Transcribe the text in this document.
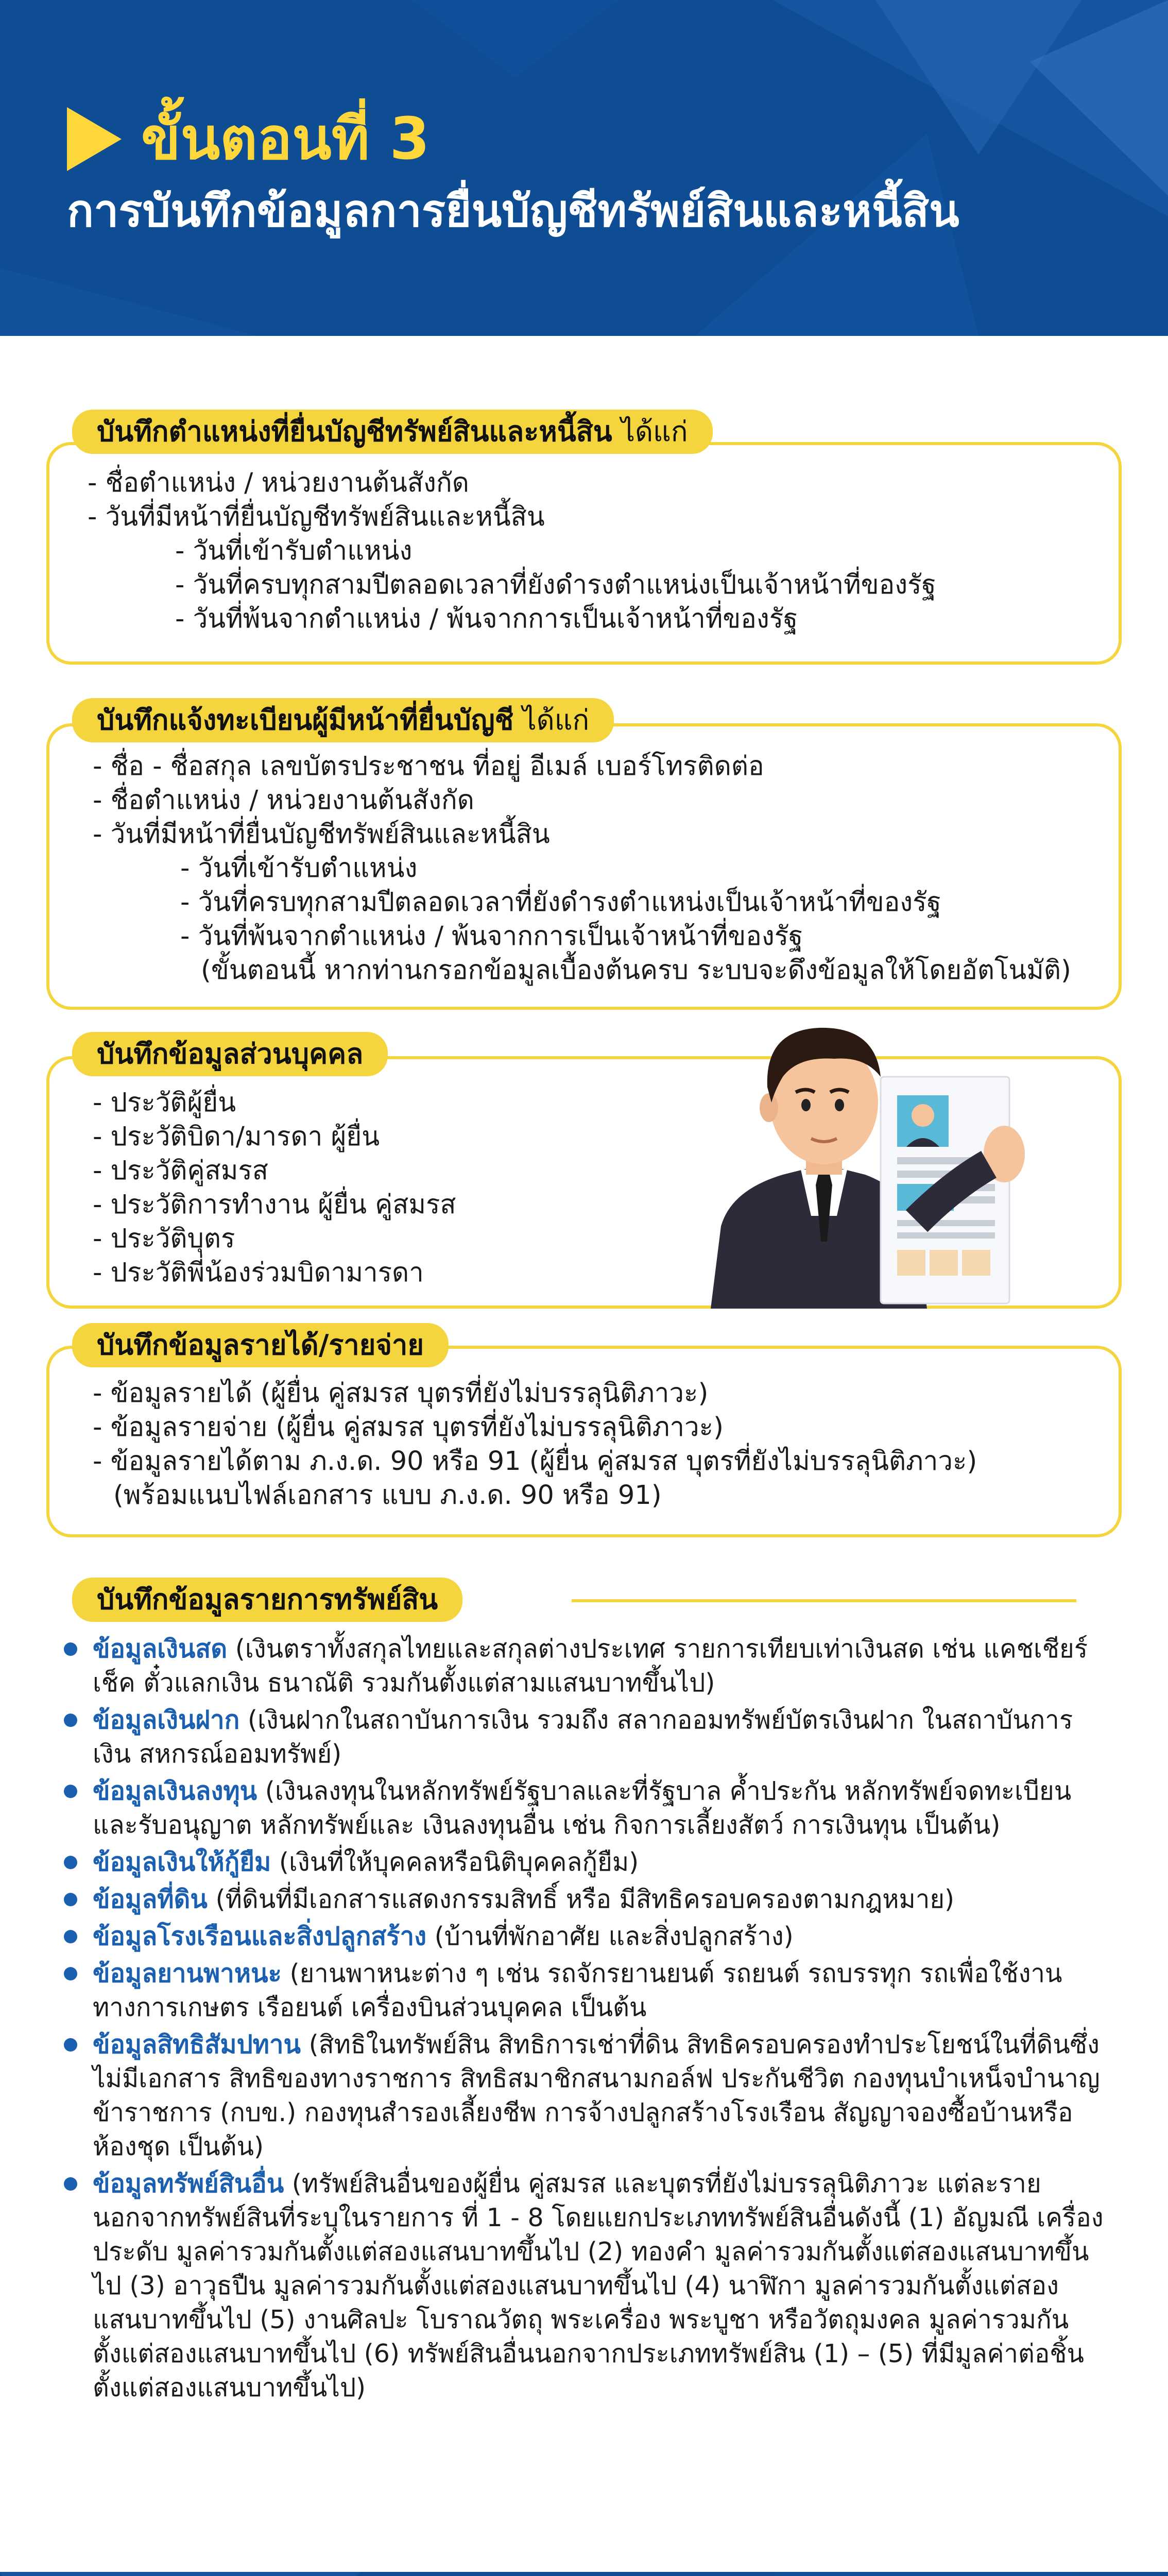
ขั้นตอนที่ 3
การบันทึกข้อมูลการยื่นบัญชีทรัพย์สินและหนี้สิน
บันทึกตำแหน่งที่ยื่นบัญชีทรัพย์สินและหนี้สิน ได้แก่
- ชื่อตำแหน่ง / หน่วยงานต้นสังกัด
- วันที่มีหน้าที่ยื่นบัญชีทรัพย์สินและหนี้สิน
- วันที่เข้ารับตำแหน่ง
- วันที่ครบทุกสามปีตลอดเวลาที่ยังดำรงตำแหน่งเป็นเจ้าหน้าที่ของรัฐ
- วันที่พ้นจากตำแหน่ง / พ้นจากการเป็นเจ้าหน้าที่ของรัฐ
บันทึกแจ้งทะเบียนผู้มีหน้าที่ยื่นบัญชี ได้แก่
- ชื่อ - ชื่อสกุล เลขบัตรประชาชน ที่อยู่ อีเมล์ เบอร์โทรติดต่อ
- ชื่อตำแหน่ง / หน่วยงานต้นสังกัด
- วันที่มีหน้าที่ยื่นบัญชีทรัพย์สินและหนี้สิน
- วันที่เข้ารับตำแหน่ง
- วันที่ครบทุกสามปีตลอดเวลาที่ยังดำรงตำแหน่งเป็นเจ้าหน้าที่ของรัฐ
- วันที่พ้นจากตำแหน่ง / พ้นจากการเป็นเจ้าหน้าที่ของรัฐ
(ขั้นตอนนี้ หากท่านกรอกข้อมูลเบื้องต้นครบ ระบบจะดึงข้อมูลให้โดยอัตโนมัติ)
บันทึกข้อมูลส่วนบุคคล
- ประวัติผู้ยื่น
- ประวัติบิดา/มารดา ผู้ยื่น
- ประวัติคู่สมรส
- ประวัติการทำงาน ผู้ยื่น คู่สมรส
- ประวัติบุตร
- ประวัติพี่น้องร่วมบิดามารดา
บันทึกข้อมูลรายได้/รายจ่าย
- ข้อมูลรายได้ (ผู้ยื่น คู่สมรส บุตรที่ยังไม่บรรลุนิติภาวะ)
- ข้อมูลรายจ่าย (ผู้ยื่น คู่สมรส บุตรที่ยังไม่บรรลุนิติภาวะ)
- ข้อมูลรายได้ตาม ภ.ง.ด. 90 หรือ 91 (ผู้ยื่น คู่สมรส บุตรที่ยังไม่บรรลุนิติภาวะ)
(พร้อมแนบไฟล์เอกสาร แบบ ภ.ง.ด. 90 หรือ 91)
บันทึกข้อมูลรายการทรัพย์สิน
ข้อมูลเงินสด (เงินตราทั้งสกุลไทยและสกุลต่างประเทศ รายการเทียบเท่าเงินสด เช่น แคชเชียร์เช็ค ตั๋วแลกเงิน ธนาณัติ รวมกันตั้งแต่สามแสนบาทขึ้นไป)
ข้อมูลเงินฝาก (เงินฝากในสถาบันการเงิน รวมถึง สลากออมทรัพย์บัตรเงินฝาก ในสถาบันการเงิน สหกรณ์ออมทรัพย์)
ข้อมูลเงินลงทุน (เงินลงทุนในหลักทรัพย์รัฐบาลและที่รัฐบาล ค้ำประกัน หลักทรัพย์จดทะเบียนและรับอนุญาต หลักทรัพย์และ เงินลงทุนอื่น เช่น กิจการเลี้ยงสัตว์ การเงินทุน เป็นต้น)
ข้อมูลเงินให้กู้ยืม (เงินที่ให้บุคคลหรือนิติบุคคลกู้ยืม)
ข้อมูลที่ดิน (ที่ดินที่มีเอกสารแสดงกรรมสิทธิ์ หรือ มีสิทธิครอบครองตามกฎหมาย)
ข้อมูลโรงเรือนและสิ่งปลูกสร้าง (บ้านที่พักอาศัย และสิ่งปลูกสร้าง)
ข้อมูลยานพาหนะ (ยานพาหนะต่าง ๆ เช่น รถจักรยานยนต์ รถยนต์ รถบรรทุก รถเพื่อใช้งานทางการเกษตร เรือยนต์ เครื่องบินส่วนบุคคล เป็นต้น
ข้อมูลสิทธิสัมปทาน (สิทธิในทรัพย์สิน สิทธิการเช่าที่ดิน สิทธิครอบครองทำประโยชน์ในที่ดินซึ่งไม่มีเอกสาร สิทธิของทางราชการ สิทธิสมาชิกสนามกอล์ฟ ประกันชีวิต กองทุนบำเหน็จบำนาญข้าราชการ (กบข.) กองทุนสำรองเลี้ยงชีพ การจ้างปลูกสร้างโรงเรือน สัญญาจองซื้อบ้านหรือห้องชุด เป็นต้น)
ข้อมูลทรัพย์สินอื่น (ทรัพย์สินอื่นของผู้ยื่น คู่สมรส และบุตรที่ยังไม่บรรลุนิติภาวะ แต่ละราย นอกจากทรัพย์สินที่ระบุในรายการ ที่ 1 - 8 โดยแยกประเภททรัพย์สินอื่นดังนี้ (1) อัญมณี เครื่องประดับ มูลค่ารวมกันตั้งแต่สองแสนบาทขึ้นไป (2) ทองคำ มูลค่ารวมกันตั้งแต่สองแสนบาทขึ้นไป (3) อาวุธปืน มูลค่ารวมกันตั้งแต่สองแสนบาทขึ้นไป (4) นาฬิกา มูลค่ารวมกันตั้งแต่สองแสนบาทขึ้นไป (5) งานศิลปะ โบราณวัตถุ พระเครื่อง พระบูชา หรือวัตถุมงคล มูลค่ารวมกันตั้งแต่สองแสนบาทขึ้นไป (6) ทรัพย์สินอื่นนอกจากประเภททรัพย์สิน (1) – (5) ที่มีมูลค่าต่อชิ้นตั้งแต่สองแสนบาทขึ้นไป)
